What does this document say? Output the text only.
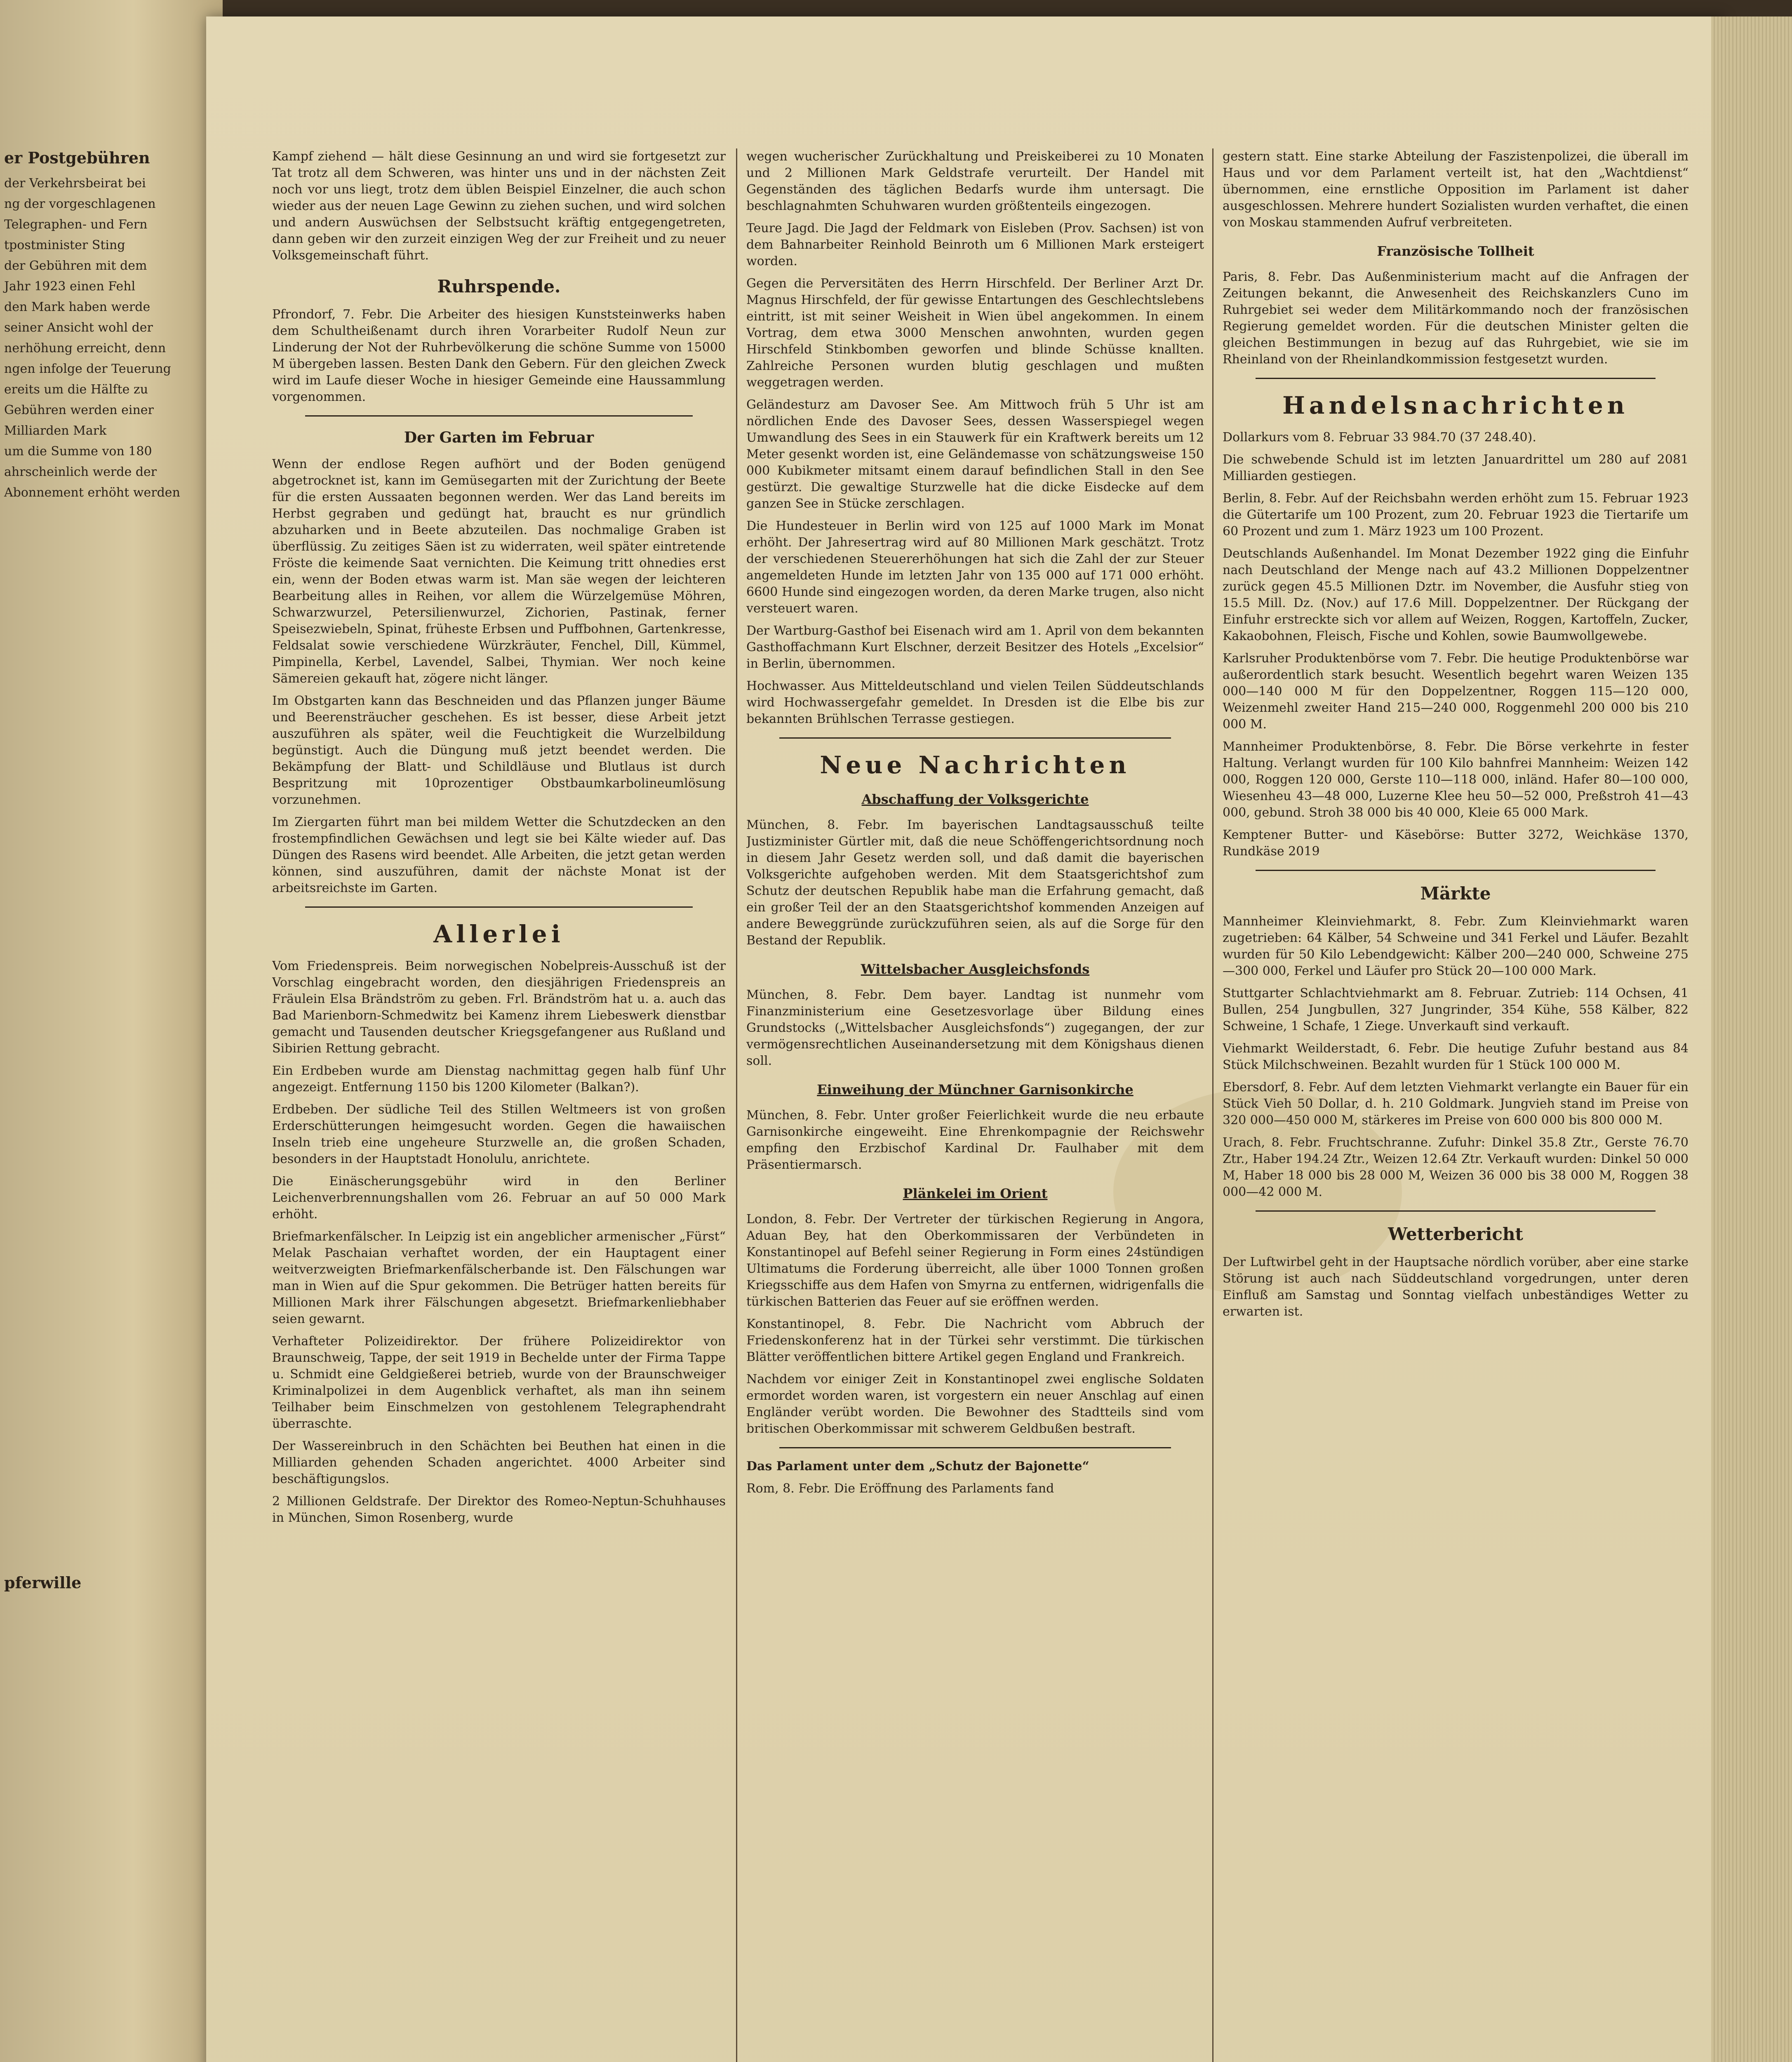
er Postgebühren

der Verkehrsbeirat bei

ng der vorgeschlagenen

Telegraphen- und Fern

tpostminister Sting

der Gebühren mit dem

Jahr 1923 einen Fehl

den Mark haben werde

seiner Ansicht wohl der

nerhöhung erreicht, denn

ngen infolge der Teuerung

ereits um die Hälfte zu

Gebühren werden einer

Milliarden Mark

um die Summe von 180

ahrscheinlich werde der

Abonnement erhöht werden

pferwille

Kampf ziehend — hält diese Gesinnung an und wird sie fortgesetzt zur Tat trotz all dem Schweren, was hinter uns und in der nächsten Zeit noch vor uns liegt, trotz dem üblen Beispiel Einzelner, die auch schon wieder aus der neuen Lage Gewinn zu ziehen suchen, und wird solchen und andern Auswüchsen der Selbstsucht kräftig entgegengetreten, dann geben wir den zurzeit einzigen Weg der zur Freiheit und zu neuer Volksgemeinschaft führt.

Ruhrspende.

Pfrondorf, 7. Febr. Die Arbeiter des hiesigen Kunststeinwerks haben dem Schultheißenamt durch ihren Vorarbeiter Rudolf Neun zur Linderung der Not der Ruhrbevölkerung die schöne Summe von 15000 M übergeben lassen. Besten Dank den Gebern. Für den gleichen Zweck wird im Laufe dieser Woche in hiesiger Gemeinde eine Haussammlung vorgenommen.

Der Garten im Februar

Wenn der endlose Regen aufhört und der Boden genügend abgetrocknet ist, kann im Gemüsegarten mit der Zurichtung der Beete für die ersten Aussaaten begonnen werden. Wer das Land bereits im Herbst gegraben und gedüngt hat, braucht es nur gründlich abzuharken und in Beete abzuteilen. Das nochmalige Graben ist überflüssig. Zu zeitiges Säen ist zu widerraten, weil später eintretende Fröste die keimende Saat vernichten. Die Keimung tritt ohnedies erst ein, wenn der Boden etwas warm ist. Man säe wegen der leichteren Bearbeitung alles in Reihen, vor allem die Würzelgemüse Möhren, Schwarzwurzel, Petersilienwurzel, Zichorien, Pastinak, ferner Speisezwiebeln, Spinat, früheste Erbsen und Puffbohnen, Gartenkresse, Feldsalat sowie verschiedene Würzkräuter, Fenchel, Dill, Kümmel, Pimpinella, Kerbel, Lavendel, Salbei, Thymian. Wer noch keine Sämereien gekauft hat, zögere nicht länger.

Im Obstgarten kann das Beschneiden und das Pflanzen junger Bäume und Beerensträucher geschehen. Es ist besser, diese Arbeit jetzt auszuführen als später, weil die Feuchtigkeit die Wurzelbildung begünstigt. Auch die Düngung muß jetzt beendet werden. Die Bekämpfung der Blatt- und Schildläuse und Blutlaus ist durch Bespritzung mit 10prozentiger Obstbaumkarbolineumlösung vorzunehmen.

Im Ziergarten führt man bei mildem Wetter die Schutzdecken an den frostempfindlichen Gewächsen und legt sie bei Kälte wieder auf. Das Düngen des Rasens wird beendet. Alle Arbeiten, die jetzt getan werden können, sind auszuführen, damit der nächste Monat ist der arbeitsreichste im Garten.

Allerlei

Vom Friedenspreis. Beim norwegischen Nobelpreis-Ausschuß ist der Vorschlag eingebracht worden, den diesjährigen Friedenspreis an Fräulein Elsa Brändström zu geben. Frl. Brändström hat u. a. auch das Bad Marienborn-Schmedwitz bei Kamenz ihrem Liebeswerk dienstbar gemacht und Tausenden deutscher Kriegsgefangener aus Rußland und Sibirien Rettung gebracht.

Ein Erdbeben wurde am Dienstag nachmittag gegen halb fünf Uhr angezeigt. Entfernung 1150 bis 1200 Kilometer (Balkan?).

Erdbeben. Der südliche Teil des Stillen Weltmeers ist von großen Erderschütterungen heimgesucht worden. Gegen die hawaiischen Inseln trieb eine ungeheure Sturzwelle an, die großen Schaden, besonders in der Hauptstadt Honolulu, anrichtete.

Die Einäscherungsgebühr wird in den Berliner Leichenverbrennungshallen vom 26. Februar an auf 50 000 Mark erhöht.

Briefmarkenfälscher. In Leipzig ist ein angeblicher armenischer „Fürst“ Melak Paschaian verhaftet worden, der ein Hauptagent einer weitverzweigten Briefmarkenfälscherbande ist. Den Fälschungen war man in Wien auf die Spur gekommen. Die Betrüger hatten bereits für Millionen Mark ihrer Fälschungen abgesetzt. Briefmarkenliebhaber seien gewarnt.

Verhafteter Polizeidirektor. Der frühere Polizeidirektor von Braunschweig, Tappe, der seit 1919 in Bechelde unter der Firma Tappe u. Schmidt eine Geldgießerei betrieb, wurde von der Braunschweiger Kriminalpolizei in dem Augenblick verhaftet, als man ihn seinem Teilhaber beim Einschmelzen von gestohlenem Telegraphendraht überraschte.

Der Wassereinbruch in den Schächten bei Beuthen hat einen in die Milliarden gehenden Schaden angerichtet. 4000 Arbeiter sind beschäftigungslos.

2 Millionen Geldstrafe. Der Direktor des Romeo-Neptun-Schuhhauses in München, Simon Rosenberg, wurde

wegen wucherischer Zurückhaltung und Preiskeiberei zu 10 Monaten und 2 Millionen Mark Geldstrafe verurteilt. Der Handel mit Gegenständen des täglichen Bedarfs wurde ihm untersagt. Die beschlagnahmten Schuhwaren wurden größtenteils eingezogen.

Teure Jagd. Die Jagd der Feldmark von Eisleben (Prov. Sachsen) ist von dem Bahnarbeiter Reinhold Beinroth um 6 Millionen Mark ersteigert worden.

Gegen die Perversitäten des Herrn Hirschfeld. Der Berliner Arzt Dr. Magnus Hirschfeld, der für gewisse Entartungen des Geschlechtslebens eintritt, ist mit seiner Weisheit in Wien übel angekommen. In einem Vortrag, dem etwa 3000 Menschen anwohnten, wurden gegen Hirschfeld Stinkbomben geworfen und blinde Schüsse knallten. Zahlreiche Personen wurden blutig geschlagen und mußten weggetragen werden.

Geländesturz am Davoser See. Am Mittwoch früh 5 Uhr ist am nördlichen Ende des Davoser Sees, dessen Wasserspiegel wegen Umwandlung des Sees in ein Stauwerk für ein Kraftwerk bereits um 12 Meter gesenkt worden ist, eine Geländemasse von schätzungsweise 150 000 Kubikmeter mitsamt einem darauf befindlichen Stall in den See gestürzt. Die gewaltige Sturzwelle hat die dicke Eisdecke auf dem ganzen See in Stücke zerschlagen.

Die Hundesteuer in Berlin wird von 125 auf 1000 Mark im Monat erhöht. Der Jahresertrag wird auf 80 Millionen Mark geschätzt. Trotz der verschiedenen Steuererhöhungen hat sich die Zahl der zur Steuer angemeldeten Hunde im letzten Jahr von 135 000 auf 171 000 erhöht. 6600 Hunde sind eingezogen worden, da deren Marke trugen, also nicht versteuert waren.

Der Wartburg-Gasthof bei Eisenach wird am 1. April von dem bekannten Gasthoffachmann Kurt Elschner, derzeit Besitzer des Hotels „Excelsior“ in Berlin, übernommen.

Hochwasser. Aus Mitteldeutschland und vielen Teilen Süddeutschlands wird Hochwassergefahr gemeldet. In Dresden ist die Elbe bis zur bekannten Brühlschen Terrasse gestiegen.

Neue Nachrichten
Abschaffung der Volksgerichte

München, 8. Febr. Im bayerischen Landtagsausschuß teilte Justizminister Gürtler mit, daß die neue Schöffengerichtsordnung noch in diesem Jahr Gesetz werden soll, und daß damit die bayerischen Volksgerichte aufgehoben werden. Mit dem Staatsgerichtshof zum Schutz der deutschen Republik habe man die Erfahrung gemacht, daß ein großer Teil der an den Staatsgerichtshof kommenden Anzeigen auf andere Beweggründe zurückzuführen seien, als auf die Sorge für den Bestand der Republik.

Wittelsbacher Ausgleichsfonds

München, 8. Febr. Dem bayer. Landtag ist nunmehr vom Finanzministerium eine Gesetzesvorlage über Bildung eines Grundstocks („Wittelsbacher Ausgleichsfonds“) zugegangen, der zur vermögensrechtlichen Auseinandersetzung mit dem Königshaus dienen soll.

Einweihung der Münchner Garnisonkirche

München, 8. Febr. Unter großer Feierlichkeit wurde die neu erbaute Garnisonkirche eingeweiht. Eine Ehrenkompagnie der Reichswehr empfing den Erzbischof Kardinal Dr. Faulhaber mit dem Präsentiermarsch.

Plänkelei im Orient

London, 8. Febr. Der Vertreter der türkischen Regierung in Angora, Aduan Bey, hat den Oberkommissaren der Verbündeten in Konstantinopel auf Befehl seiner Regierung in Form eines 24stündigen Ultimatums die Forderung überreicht, alle über 1000 Tonnen großen Kriegsschiffe aus dem Hafen von Smyrna zu entfernen, widrigenfalls die türkischen Batterien das Feuer auf sie eröffnen werden.

Konstantinopel, 8. Febr. Die Nachricht vom Abbruch der Friedenskonferenz hat in der Türkei sehr verstimmt. Die türkischen Blätter veröffentlichen bittere Artikel gegen England und Frankreich.

Nachdem vor einiger Zeit in Konstantinopel zwei englische Soldaten ermordet worden waren, ist vorgestern ein neuer Anschlag auf einen Engländer verübt worden. Die Bewohner des Stadtteils sind vom britischen Oberkommissar mit schwerem Geldbußen bestraft.

Das Parlament unter dem „Schutz der Bajonette“

Rom, 8. Febr. Die Eröffnung des Parlaments fand

gestern statt. Eine starke Abteilung der Faszistenpolizei, die überall im Haus und vor dem Parlament verteilt ist, hat den „Wachtdienst“ übernommen, eine ernstliche Opposition im Parlament ist daher ausgeschlossen. Mehrere hundert Sozialisten wurden verhaftet, die einen von Moskau stammenden Aufruf verbreiteten.

Französische Tollheit

Paris, 8. Febr. Das Außenministerium macht auf die Anfragen der Zeitungen bekannt, die Anwesenheit des Reichskanzlers Cuno im Ruhrgebiet sei weder dem Militärkommando noch der französischen Regierung gemeldet worden. Für die deutschen Minister gelten die gleichen Bestimmungen in bezug auf das Ruhrgebiet, wie sie im Rheinland von der Rheinlandkommission festgesetzt wurden.

Handelsnachrichten

Dollarkurs vom 8. Februar 33 984.70 (37 248.40).

Die schwebende Schuld ist im letzten Januardrittel um 280 auf 2081 Milliarden gestiegen.

Berlin, 8. Febr. Auf der Reichsbahn werden erhöht zum 15. Februar 1923 die Gütertarife um 100 Prozent, zum 20. Februar 1923 die Tiertarife um 60 Prozent und zum 1. März 1923 um 100 Prozent.

Deutschlands Außenhandel. Im Monat Dezember 1922 ging die Einfuhr nach Deutschland der Menge nach auf 43.2 Millionen Doppelzentner zurück gegen 45.5 Millionen Dztr. im November, die Ausfuhr stieg von 15.5 Mill. Dz. (Nov.) auf 17.6 Mill. Doppelzentner. Der Rückgang der Einfuhr erstreckte sich vor allem auf Weizen, Roggen, Kartoffeln, Zucker, Kakaobohnen, Fleisch, Fische und Kohlen, sowie Baumwollgewebe.

Karlsruher Produktenbörse vom 7. Febr. Die heutige Produktenbörse war außerordentlich stark besucht. Wesentlich begehrt waren Weizen 135 000—140 000 M für den Doppelzentner, Roggen 115—120 000, Weizenmehl zweiter Hand 215—240 000, Roggenmehl 200 000 bis 210 000 M.

Mannheimer Produktenbörse, 8. Febr. Die Börse verkehrte in fester Haltung. Verlangt wurden für 100 Kilo bahnfrei Mannheim: Weizen 142 000, Roggen 120 000, Gerste 110—118 000, inländ. Hafer 80—100 000, Wiesenheu 43—48 000, Luzerne Klee heu 50—52 000, Preßstroh 41—43 000, gebund. Stroh 38 000 bis 40 000, Kleie 65 000 Mark.

Kemptener Butter- und Käsebörse: Butter 3272, Weichkäse 1370, Rundkäse 2019

Märkte

Mannheimer Kleinviehmarkt, 8. Febr. Zum Kleinviehmarkt waren zugetrieben: 64 Kälber, 54 Schweine und 341 Ferkel und Läufer. Bezahlt wurden für 50 Kilo Lebendgewicht: Kälber 200—240 000, Schweine 275—300 000, Ferkel und Läufer pro Stück 20—100 000 Mark.

Stuttgarter Schlachtviehmarkt am 8. Februar. Zutrieb: 114 Ochsen, 41 Bullen, 254 Jungbullen, 327 Jungrinder, 354 Kühe, 558 Kälber, 822 Schweine, 1 Schafe, 1 Ziege. Unverkauft sind verkauft.

Viehmarkt Weilderstadt, 6. Febr. Die heutige Zufuhr bestand aus 84 Stück Milchschweinen. Bezahlt wurden für 1 Stück 100 000 M.

Ebersdorf, 8. Febr. Auf dem letzten Viehmarkt verlangte ein Bauer für ein Stück Vieh 50 Dollar, d. h. 210 Goldmark. Jungvieh stand im Preise von 320 000—450 000 M, stärkeres im Preise von 600 000 bis 800 000 M.

Urach, 8. Febr. Fruchtschranne. Zufuhr: Dinkel 35.8 Ztr., Gerste 76.70 Ztr., Haber 194.24 Ztr., Weizen 12.64 Ztr. Verkauft wurden: Dinkel 50 000 M, Haber 18 000 bis 28 000 M, Weizen 36 000 bis 38 000 M, Roggen 38 000—42 000 M.

Wetterbericht

Der Luftwirbel geht in der Hauptsache nördlich vorüber, aber eine starke Störung ist auch nach Süddeutschland vorgedrungen, unter deren Einfluß am Samstag und Sonntag vielfach unbeständiges Wetter zu erwarten ist.
